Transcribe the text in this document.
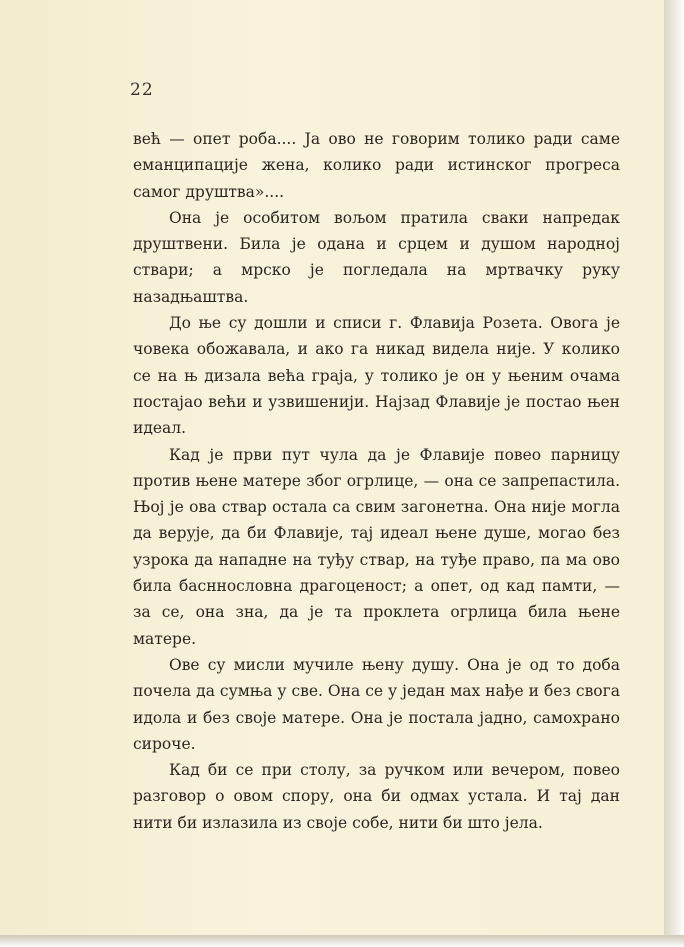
22

већ — опет роба.... Ја ово не говорим толико ради саме еманципације жена, колико ради истинског прогреса самог друштва»....

Она је особитом вољом пратила сваки напредак друштвени. Била је одана и срцем и душом народној ствари; а мрско је погледала на мртвачку руку назадњаштва.

До ње су дошли и списи г. Флавија Розета. Овога је човека обожавала, и ако га никад видела није. У колико се на њ дизала већа граја, у толико је он у њеним очама постајао већи и узвишенији. Најзад Флавије је постао њен идеал.

Кад је први пут чула да је Флавије повео парницу против њене матере због огрлице, — она се запрепастила. Њој је ова ствар остала са свим загонетна. Она није могла да верује, да би Флавије, тај идеал њене душе, могао без узрока да нападне на туђу ствар, на туђе право, па ма ово била басннословна драгоценост; а опет, од кад памти, — за се, она зна, да је та проклета огрлица била њене матере.

Ове су мисли мучиле њену душу. Она је од то доба почела да сумња у све. Она се у један мах нађе и без свога идола и без своје матере. Она је постала јадно, самохрано сироче.

Кад би се при столу, за ручком или вечером, повео разговор о овом спору, она би одмах устала. И тај дан нити би излазила из своје собе, нити би што јела.
